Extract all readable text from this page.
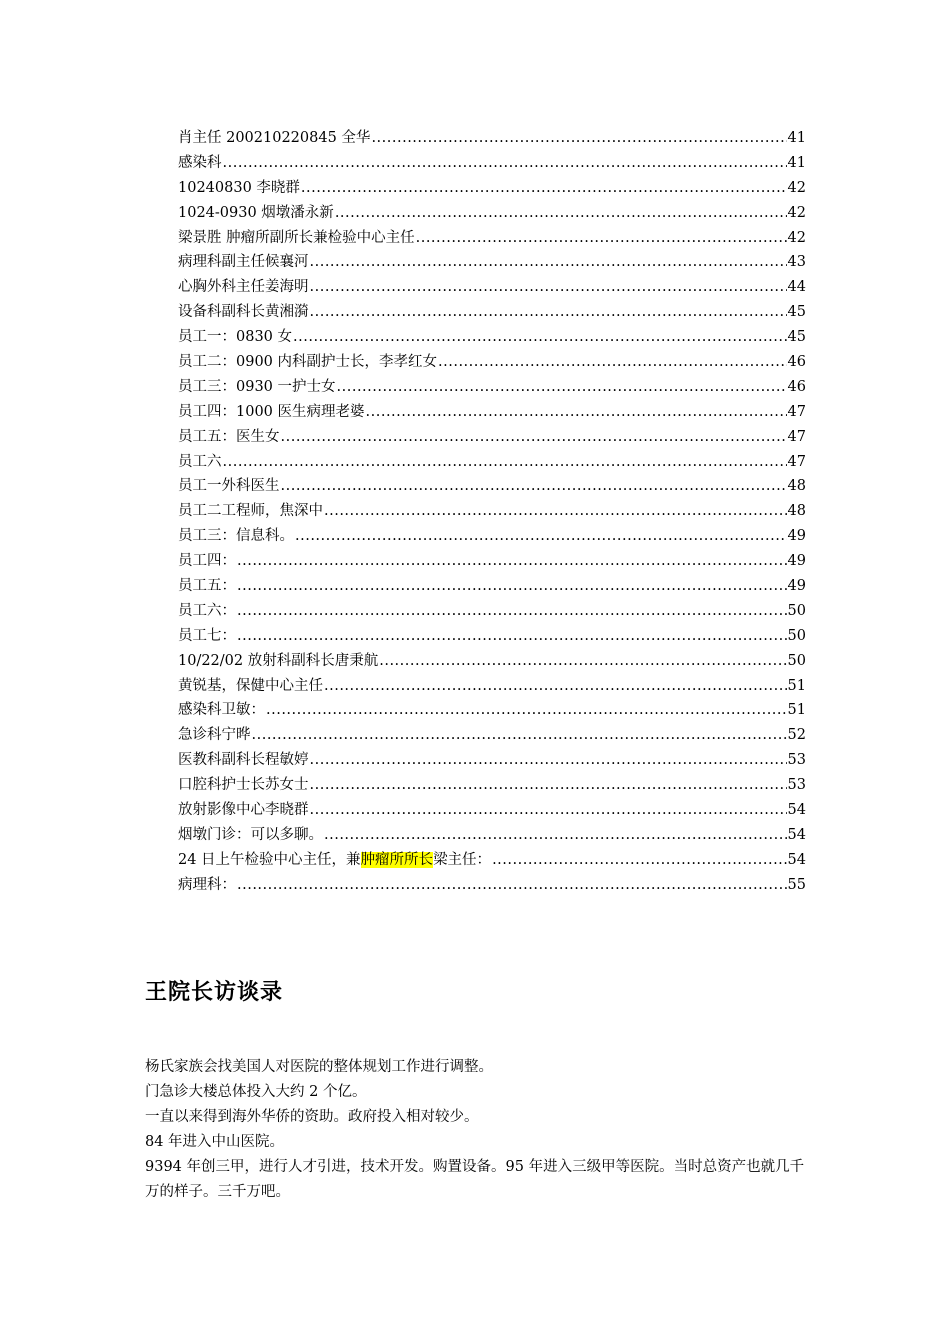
肖主任 200210220845 全华 .....	41
感染科 .....	41
10240830 李晓群 .....	42
1024-0930 烟墩潘永新 .....	42
梁景胜 肿瘤所副所长兼检验中心主任 .....	42
病理科副主任候襄河 .....	43
心胸外科主任姜海明 .....	44
设备科副科长黄湘漪 .....	45
员工一：0830 女 .....	45
员工二：0900 内科副护士长，李孝红女 .....	46
员工三：0930 一护士女 .....	46
员工四：1000 医生病理老婆 .....	47
员工五：医生女 .....	47
员工六 .....	47
员工一外科医生 .....	48
员工二工程师，焦深中 .....	48
员工三：信息科。 .....	49
员工四： .....	49
员工五： .....	49
员工六： .....	50
员工七： .....	50
10/22/02 放射科副科长唐秉航 .....	50
黄锐基，保健中心主任 .....	51
感染科卫敏： .....	51
急诊科宁晔 .....	52
医教科副科长程敏婷 .....	53
口腔科护士长苏女士 .....	53
放射影像中心李晓群 .....	54
烟墩门诊：可以多聊。 .....	54
24 日上午检验中心主任，兼肿瘤所所长梁主任： .....	54
病理科： .....	55
王院长访谈录

杨氏家族会找美国人对医院的整体规划工作进行调整。

门急诊大楼总体投入大约 2 个亿。

一直以来得到海外华侨的资助。政府投入相对较少。

84 年进入中山医院。

9394 年创三甲，进行人才引进，技术开发。购置设备。95 年进入三级甲等医院。当时总资产也就几千万的样子。三千万吧。
